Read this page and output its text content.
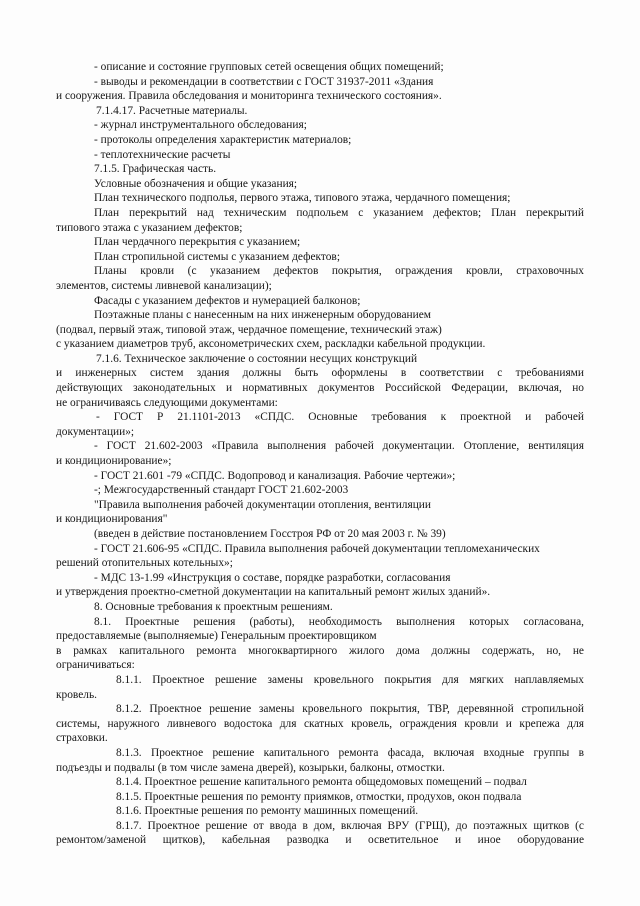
- описание и состояние групповых сетей освещения общих помещений;
- выводы и рекомендации в соответствии с ГОСТ 31937-2011 «Здания
и сооружения. Правила обследования и мониторинга технического состояния».
7.1.4.17. Расчетные материалы.
- журнал инструментального обследования;
- протоколы определения характеристик материалов;
- теплотехнические расчеты
7.1.5. Графическая часть.
Условные обозначения и общие указания;
План технического подполья, первого этажа, типового этажа, чердачного помещения;
План перекрытий над техническим подпольем с указанием дефектов; План перекрытий
типового этажа с указанием дефектов;
План чердачного перекрытия с указанием;
План стропильной системы с указанием дефектов;
Планы кровли (с указанием дефектов покрытия, ограждения кровли, страховочных
элементов, системы ливневой канализации);
Фасады с указанием дефектов и нумерацией балконов;
Поэтажные планы с нанесенным на них инженерным оборудованием
(подвал, первый этаж, типовой этаж, чердачное помещение, технический этаж)
с указанием диаметров труб, аксонометрических схем, раскладки кабельной продукции.
7.1.6. Техническое заключение о состоянии несущих конструкций
и инженерных систем здания должны быть оформлены в соответствии с требованиями
действующих законодательных и нормативных документов Российской Федерации, включая, но
не ограничиваясь следующими документами:
- ГОСТ Р 21.1101-2013 «СПДС. Основные требования к проектной и рабочей
документации»;
- ГОСТ 21.602-2003 «Правила выполнения рабочей документации. Отопление, вентиляция
и кондиционирование»;
- ГОСТ 21.601 -79 «СПДС. Водопровод и канализация. Рабочие чертежи»;
-; Межгосударственный стандарт ГОСТ 21.602-2003
"Правила выполнения рабочей документации отопления, вентиляции
и кондиционирования"
(введен в действие постановлением Госстроя РФ от 20 мая 2003 г. № 39)
- ГОСТ 21.606-95 «СПДС. Правила выполнения рабочей документации тепломеханических
решений отопительных котельных»;
- МДС 13-1.99 «Инструкция о составе, порядке разработки, согласования
и утверждения проектно-сметной документации на капитальный ремонт жилых зданий».
8. Основные требования к проектным решениям.
8.1. Проектные решения (работы), необходимость выполнения которых согласована,
предоставляемые (выполняемые) Генеральным проектировщиком
в рамках капитального ремонта многоквартирного жилого дома должны содержать, но, не
ограничиваться:
8.1.1. Проектное решение замены кровельного покрытия для мягких наплавляемых
кровель.
8.1.2. Проектное решение замены кровельного покрытия, ТВР, деревянной стропильной
системы, наружного ливневого водостока для скатных кровель, ограждения кровли и крепежа для
страховки.
8.1.3. Проектное решение капитального ремонта фасада, включая входные группы в
подъезды и подвалы (в том числе замена дверей), козырьки, балконы, отмостки.
8.1.4. Проектное решение капитального ремонта общедомовых помещений – подвал
8.1.5. Проектные решения по ремонту приямков, отмостки, продухов, окон подвала
8.1.6. Проектные решения по ремонту машинных помещений.
8.1.7. Проектное решение от ввода в дом, включая ВРУ (ГРЩ), до поэтажных щитков (с
ремонтом/заменой щитков), кабельная разводка и осветительное и иное оборудование
